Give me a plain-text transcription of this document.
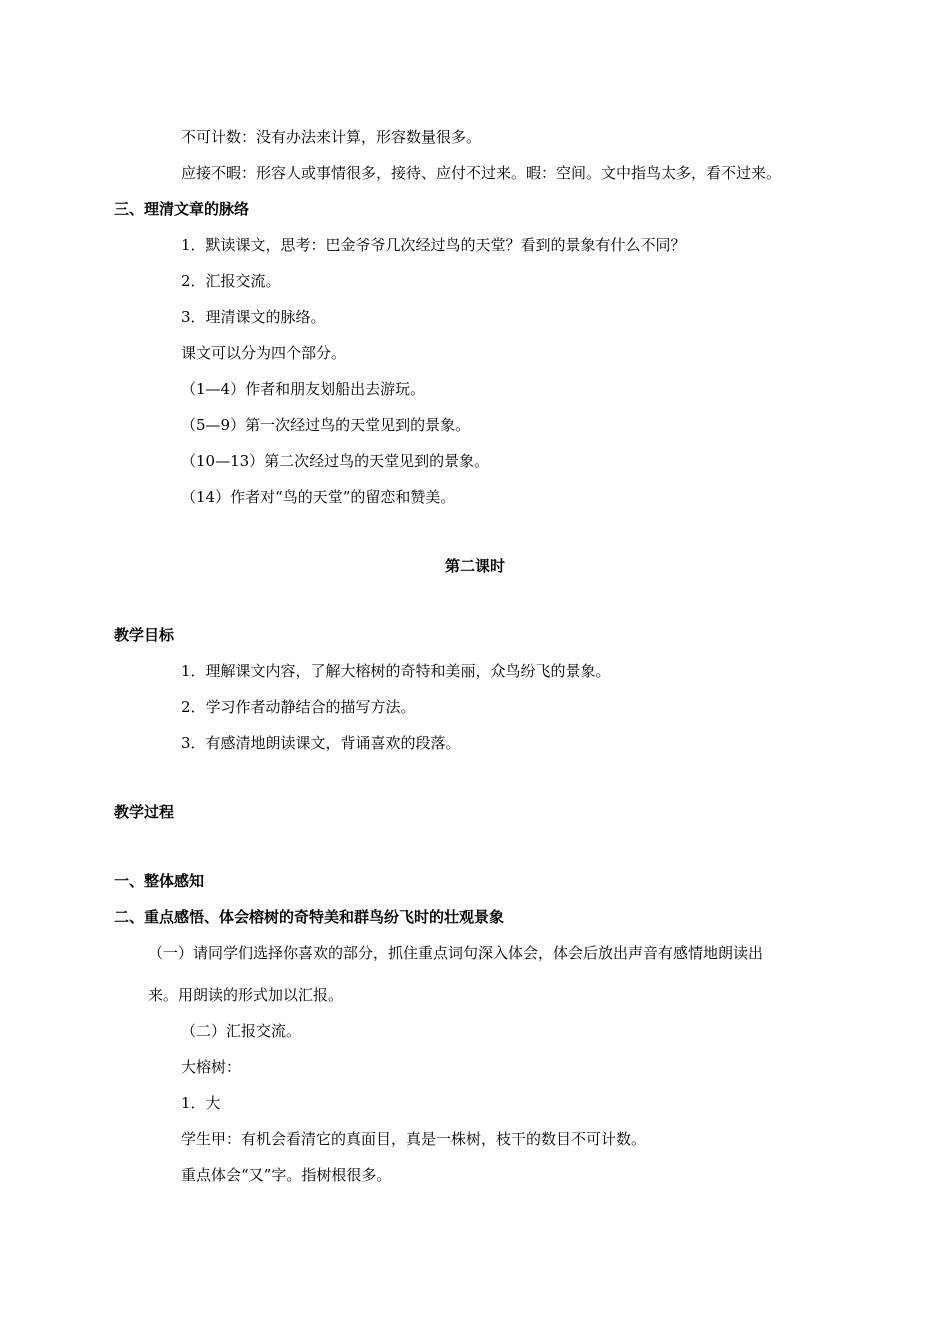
不可计数：没有办法来计算，形容数量很多。
应接不暇：形容人或事情很多，接待、应付不过来。暇：空间。文中指鸟太多，看不过来。
三、理清文章的脉络
1．默读课文，思考：巴金爷爷几次经过鸟的天堂？看到的景象有什么不同？
2．汇报交流。
3．理清课文的脉络。
课文可以分为四个部分。
（1—4）作者和朋友划船出去游玩。
（5—9）第一次经过鸟的天堂见到的景象。
（10—13）第二次经过鸟的天堂见到的景象。
（14）作者对“鸟的天堂”的留恋和赞美。
第二课时
教学目标
1．理解课文内容，了解大榕树的奇特和美丽，众鸟纷飞的景象。
2．学习作者动静结合的描写方法。
3．有感清地朗读课文，背诵喜欢的段落。
教学过程
一、整体感知
二、重点感悟、体会榕树的奇特美和群鸟纷飞时的壮观景象
（一）请同学们选择你喜欢的部分，抓住重点词句深入体会，体会后放出声音有感情地朗读出
来。用朗读的形式加以汇报。
（二）汇报交流。
大榕树：
1．大
学生甲：有机会看清它的真面目，真是一株树，枝干的数目不可计数。
重点体会“又”字。指树根很多。
